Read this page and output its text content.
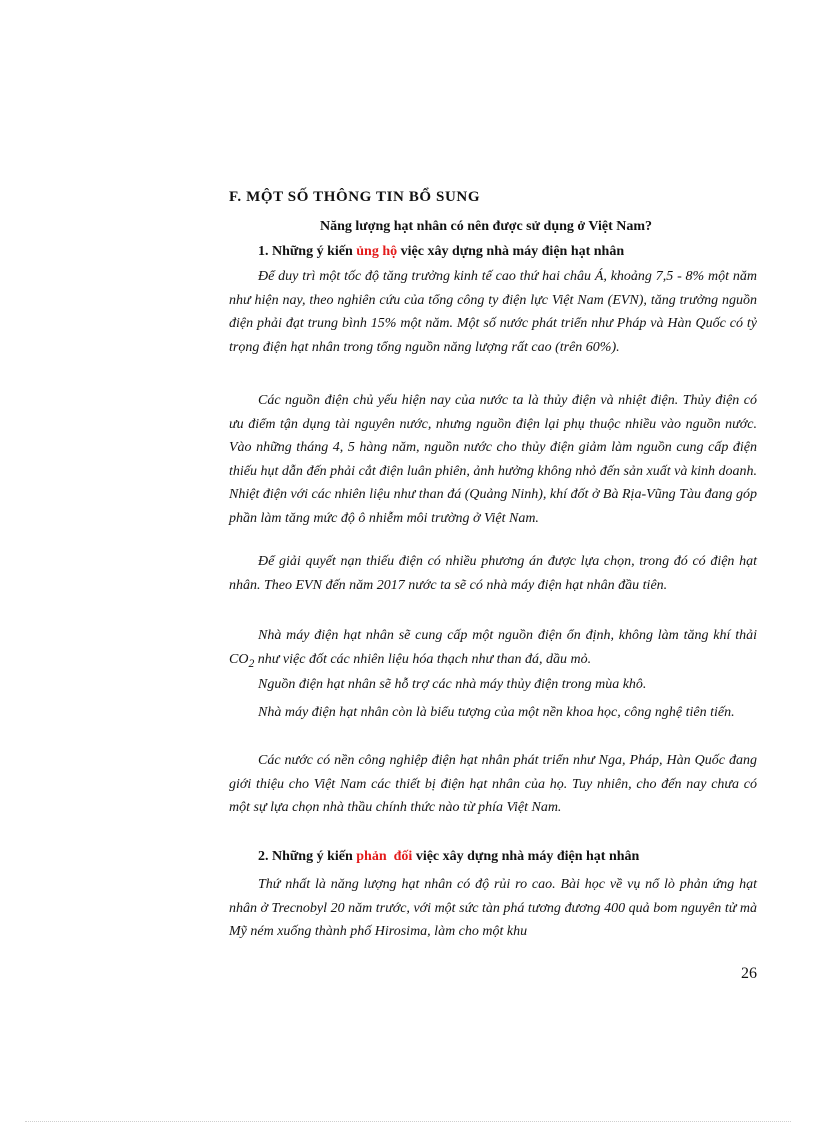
F. MỘT SỐ THÔNG TIN BỔ SUNG

Năng lượng hạt nhân có nên được sử dụng ở Việt Nam?

1. Những ý kiến ủng hộ việc xây dựng nhà máy điện hạt nhân

Để duy trì một tốc độ tăng trưởng kinh tế cao thứ hai châu Á, khoảng 7,5 - 8% một năm như hiện nay, theo nghiên cứu của tổng công ty điện lực Việt Nam (EVN), tăng trưởng nguồn điện phải đạt trung bình 15% một năm. Một số nước phát triển như Pháp và Hàn Quốc có tỷ trọng điện hạt nhân trong tổng nguồn năng lượng rất cao (trên 60%).

Các nguồn điện chủ yếu hiện nay của nước ta là thủy điện và nhiệt điện. Thủy điện có ưu điểm tận dụng tài nguyên nước, nhưng nguồn điện lại phụ thuộc nhiều vào nguồn nước. Vào những tháng 4, 5 hàng năm, nguồn nước cho thủy điện giảm làm nguồn cung cấp điện thiếu hụt dẫn đến phải cắt điện luân phiên, ảnh hưởng không nhỏ đến sản xuất và kinh doanh. Nhiệt điện với các nhiên liệu như than đá (Quảng Ninh), khí đốt ở Bà Rịa-Vũng Tàu đang góp phần làm tăng mức độ ô nhiễm môi trường ở Việt Nam.

Để giải quyết nạn thiếu điện có nhiều phương án được lựa chọn, trong đó có điện hạt nhân. Theo EVN đến năm 2017 nước ta sẽ có nhà máy điện hạt nhân đầu tiên.

Nhà máy điện hạt nhân sẽ cung cấp một nguồn điện ổn định, không làm tăng khí thải $CO_2$ như việc đốt các nhiên liệu hóa thạch như than đá, dầu mỏ.

Nguồn điện hạt nhân sẽ hỗ trợ các nhà máy thủy điện trong mùa khô.

Nhà máy điện hạt nhân còn là biểu tượng của một nền khoa học, công nghệ tiên tiến.

Các nước có nền công nghiệp điện hạt nhân phát triển như Nga, Pháp, Hàn Quốc đang giới thiệu cho Việt Nam các thiết bị điện hạt nhân của họ. Tuy nhiên, cho đến nay chưa có một sự lựa chọn nhà thầu chính thức nào từ phía Việt Nam.

2. Những ý kiến phản  đối việc xây dựng nhà máy điện hạt nhân

Thứ nhất là năng lượng hạt nhân có độ rủi ro cao. Bài học về vụ nổ lò phản ứng hạt nhân ở Trecnobyl 20 năm trước, với một sức tàn phá tương đương 400 quả bom nguyên tử mà Mỹ ném xuống thành phố Hirosima, làm cho một khu

26
